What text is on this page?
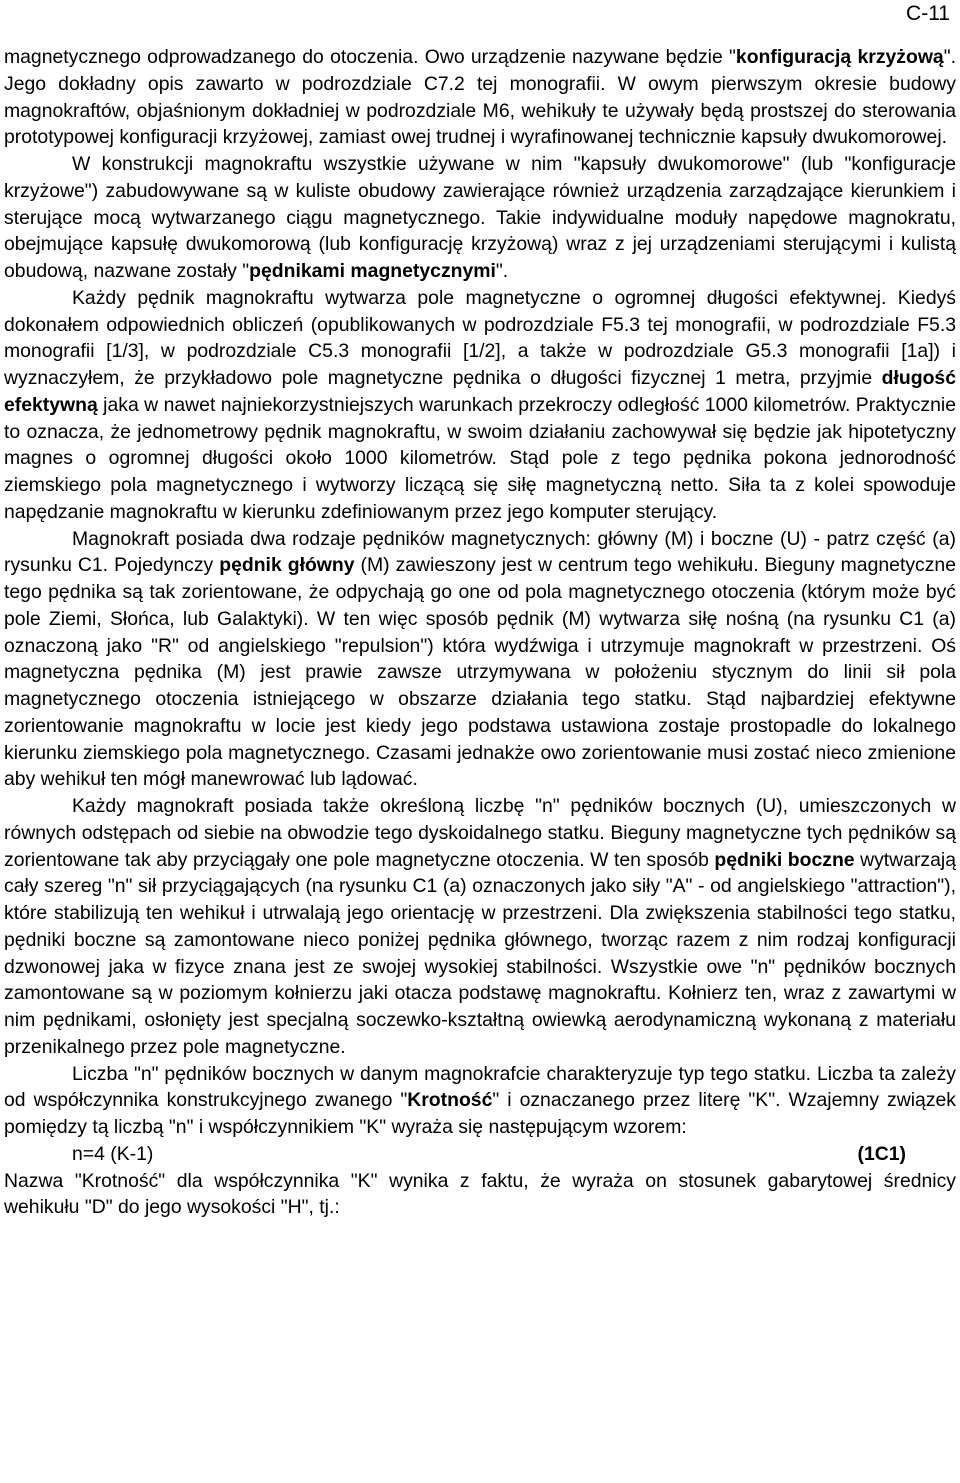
C-11

magnetycznego odprowadzanego do otoczenia. Owo urządzenie nazywane będzie "konfiguracją krzyżową". Jego dokładny opis zawarto w podrozdziale C7.2 tej monografii. W owym pierwszym okresie budowy magnokraftów, objaśnionym dokładniej w podrozdziale M6, wehikuły te używały będą prostszej do sterowania prototypowej konfiguracji krzyżowej, zamiast owej trudnej i wyrafinowanej technicznie kapsuły dwukomorowej.

W konstrukcji magnokraftu wszystkie używane w nim "kapsuły dwukomorowe" (lub "konfiguracje krzyżowe") zabudowywane są w kuliste obudowy zawierające również urządzenia zarządzające kierunkiem i sterujące mocą wytwarzanego ciągu magnetycznego. Takie indywidualne moduły napędowe magnokratu, obejmujące kapsułę dwukomorową (lub konfigurację krzyżową) wraz z jej urządzeniami sterującymi i kulistą obudową, nazwane zostały "pędnikami magnetycznymi".

Każdy pędnik magnokraftu wytwarza pole magnetyczne o ogromnej długości efektywnej. Kiedyś dokonałem odpowiednich obliczeń (opublikowanych w podrozdziale F5.3 tej monografii, w podrozdziale F5.3 monografii [1/3], w podrozdziale C5.3 monografii [1/2], a także w podrozdziale G5.3 monografii [1a]) i wyznaczyłem, że przykładowo pole magnetyczne pędnika o długości fizycznej 1 metra, przyjmie długość efektywną jaka w nawet najniekorzystniejszych warunkach przekroczy odległość 1000 kilometrów. Praktycznie to oznacza, że jednometrowy pędnik magnokraftu, w swoim działaniu zachowywał się będzie jak hipotetyczny magnes o ogromnej długości około 1000 kilometrów. Stąd pole z tego pędnika pokona jednorodność ziemskiego pola magnetycznego i wytworzy liczącą się siłę magnetyczną netto. Siła ta z kolei spowoduje napędzanie magnokraftu w kierunku zdefiniowanym przez jego komputer sterujący.

Magnokraft posiada dwa rodzaje pędników magnetycznych: główny (M) i boczne (U) - patrz część (a) rysunku C1. Pojedynczy pędnik główny (M) zawieszony jest w centrum tego wehikułu. Bieguny magnetyczne tego pędnika są tak zorientowane, że odpychają go one od pola magnetycznego otoczenia (którym może być pole Ziemi, Słońca, lub Galaktyki). W ten więc sposób pędnik (M) wytwarza siłę nośną (na rysunku C1 (a) oznaczoną jako "R" od angielskiego "repulsion") która wydźwiga i utrzymuje magnokraft w przestrzeni. Oś magnetyczna pędnika (M) jest prawie zawsze utrzymywana w położeniu stycznym do linii sił pola magnetycznego otoczenia istniejącego w obszarze działania tego statku. Stąd najbardziej efektywne zorientowanie magnokraftu w locie jest kiedy jego podstawa ustawiona zostaje prostopadle do lokalnego kierunku ziemskiego pola magnetycznego. Czasami jednakże owo zorientowanie musi zostać nieco zmienione aby wehikuł ten mógł manewrować lub lądować.

Każdy magnokraft posiada także określoną liczbę "n" pędników bocznych (U), umieszczonych w równych odstępach od siebie na obwodzie tego dyskoidalnego statku. Bieguny magnetyczne tych pędników są zorientowane tak aby przyciągały one pole magnetyczne otoczenia. W ten sposób pędniki boczne wytwarzają cały szereg "n" sił przyciągających (na rysunku C1 (a) oznaczonych jako siły "A" - od angielskiego "attraction"), które stabilizują ten wehikuł i utrwalają jego orientację w przestrzeni. Dla zwiększenia stabilności tego statku, pędniki boczne są zamontowane nieco poniżej pędnika głównego, tworząc razem z nim rodzaj konfiguracji dzwonowej jaka w fizyce znana jest ze swojej wysokiej stabilności. Wszystkie owe "n" pędników bocznych zamontowane są w poziomym kołnierzu jaki otacza podstawę magnokraftu. Kołnierz ten, wraz z zawartymi w nim pędnikami, osłonięty jest specjalną soczewko-kształtną owiewką aerodynamiczną wykonaną z materiału przenikalnego przez pole magnetyczne.

Liczba "n" pędników bocznych w danym magnokrafcie charakteryzuje typ tego statku. Liczba ta zależy od współczynnika konstrukcyjnego zwanego "Krotność" i oznaczanego przez literę "K". Wzajemny związek pomiędzy tą liczbą "n" i współczynnikiem "K" wyraża się następującym wzorem:

n=4 (K-1)	(1C1)

Nazwa "Krotność" dla współczynnika "K" wynika z faktu, że wyraża on stosunek gabarytowej średnicy wehikułu "D" do jego wysokości "H", tj.:
